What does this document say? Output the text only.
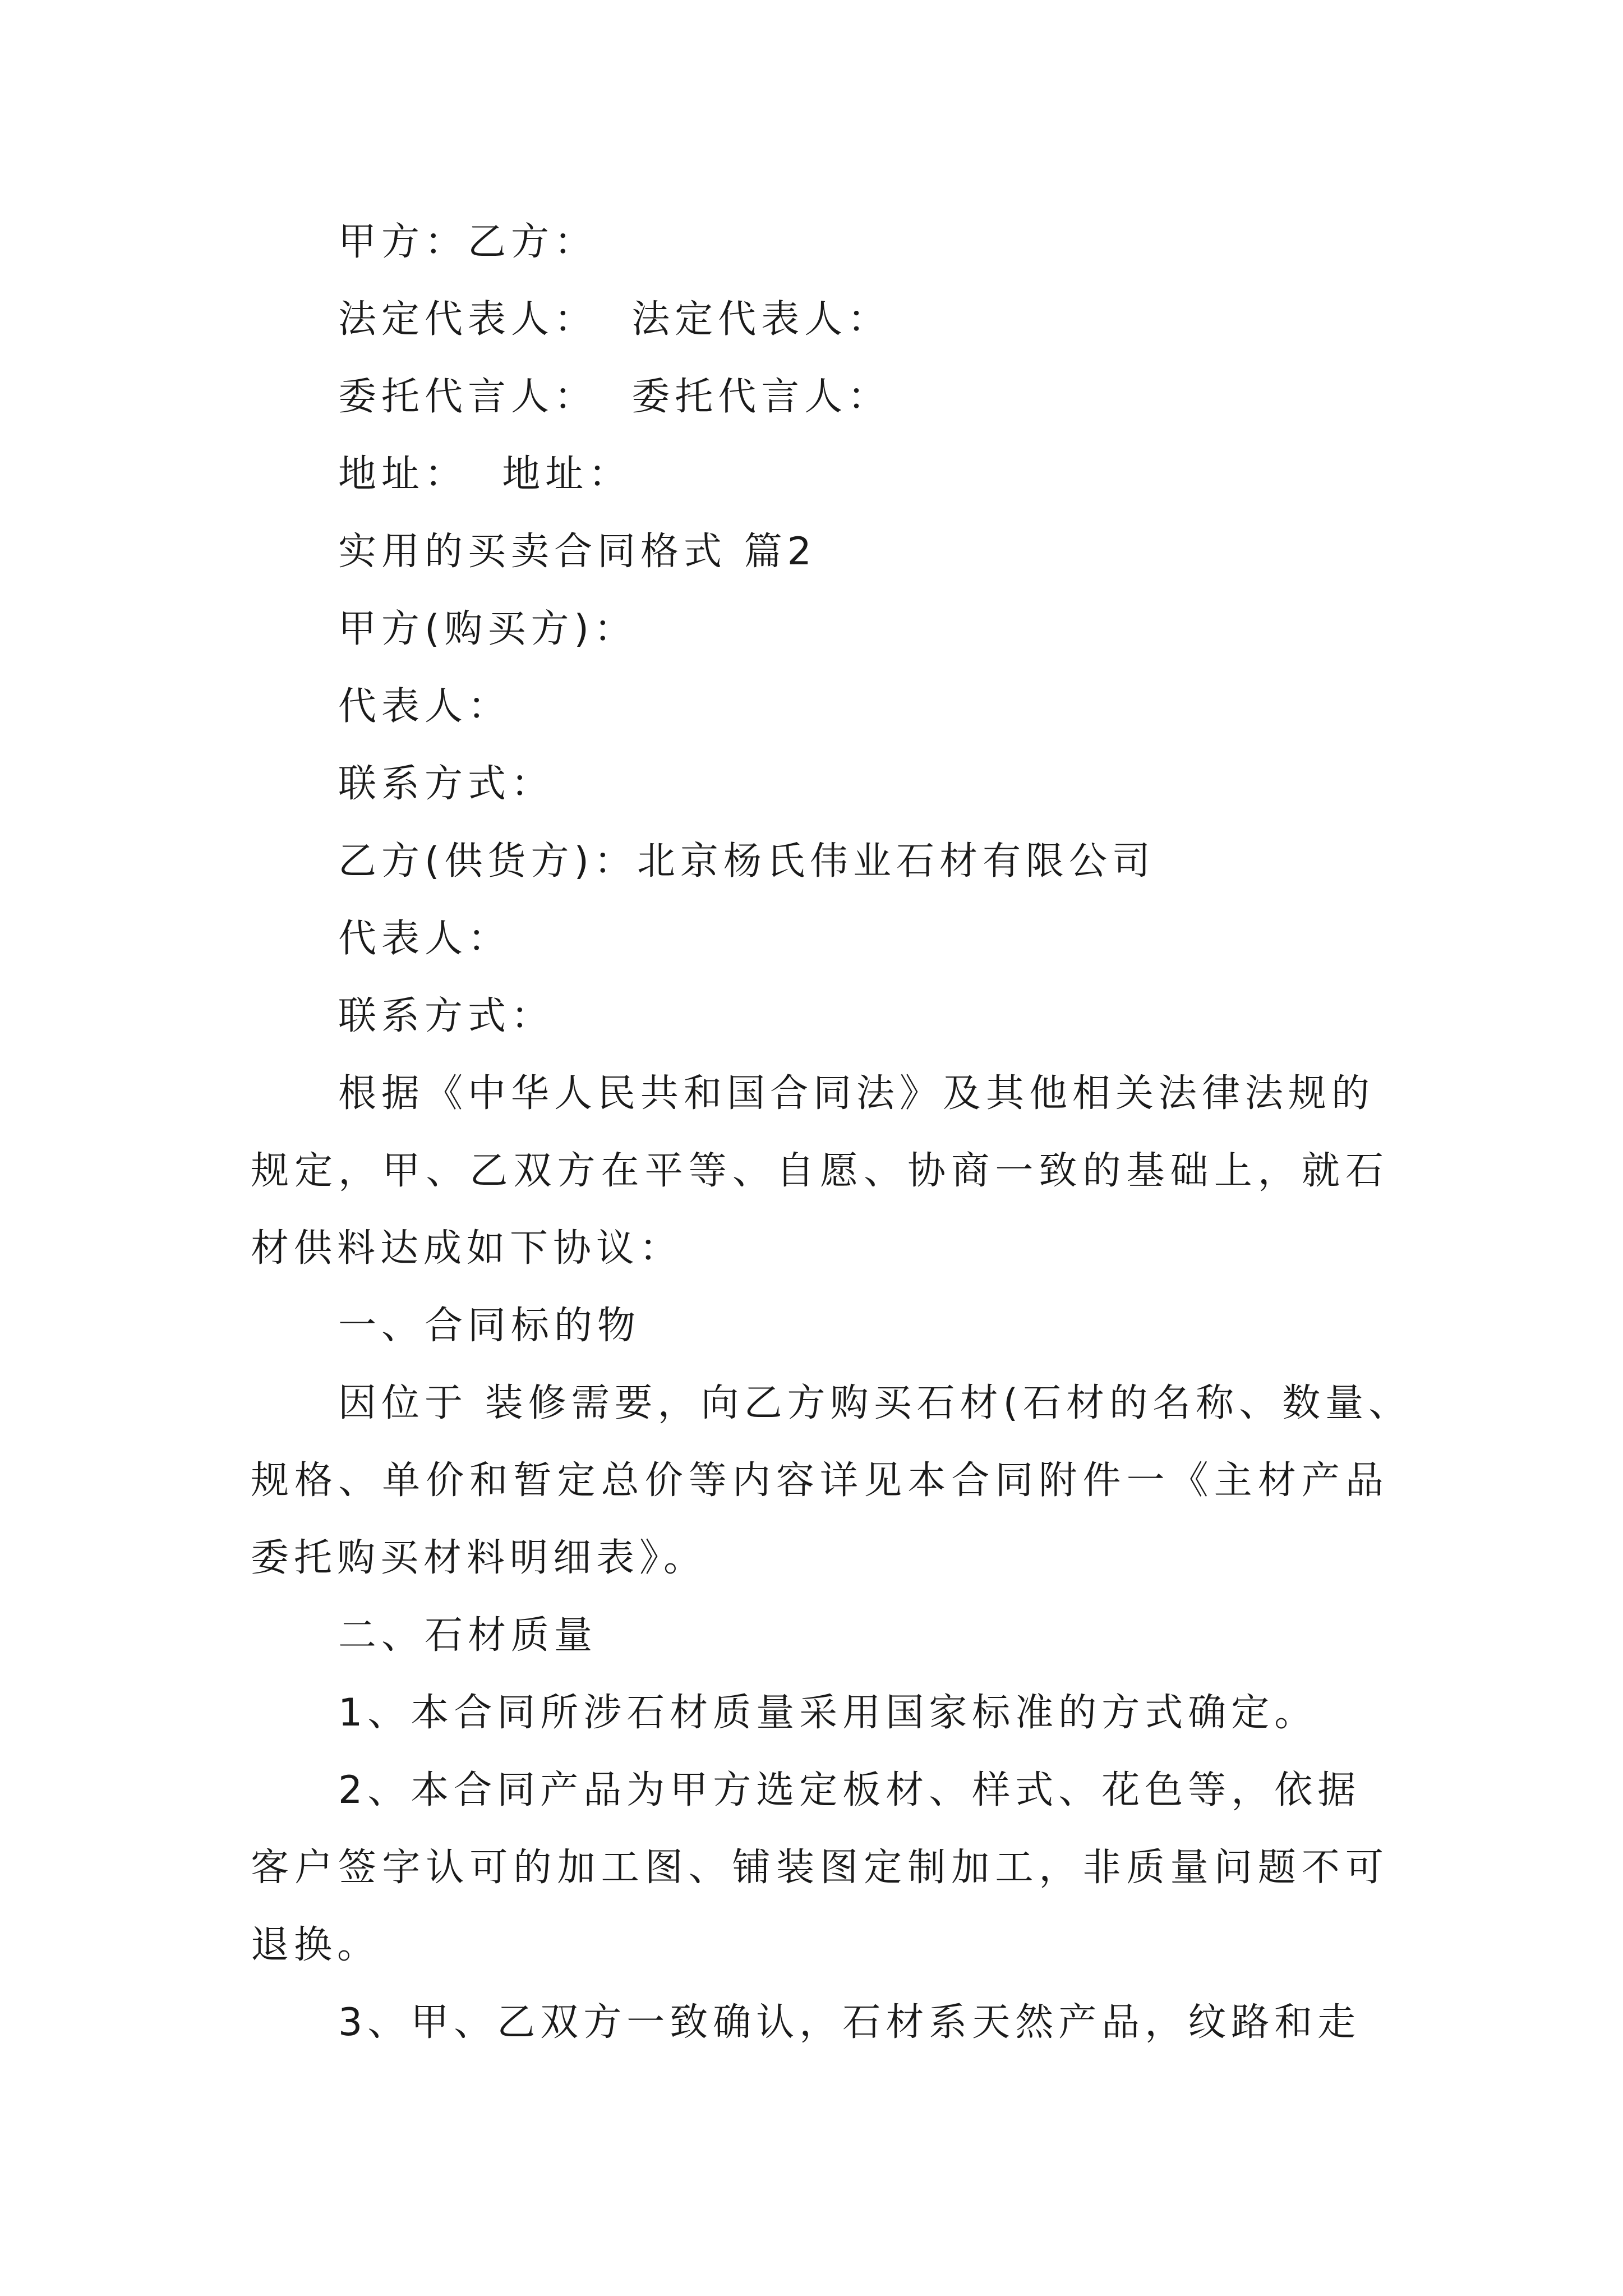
甲方：乙方：
法定代表人：  法定代表人：
委托代言人：  委托代言人：
地址：  地址：
实用的买卖合同格式 篇2
甲方(购买方)：
代表人：
联系方式：
乙方(供货方)：北京杨氏伟业石材有限公司
代表人：
联系方式：
根据《中华人民共和国合同法》及其他相关法律法规的
规定，甲、乙双方在平等、自愿、协商一致的基础上，就石
材供料达成如下协议：
一、合同标的物
因位于 装修需要，向乙方购买石材(石材的名称、数量、
规格、单价和暂定总价等内容详见本合同附件一《主材产品
委托购买材料明细表》。
二、石材质量
1、本合同所涉石材质量采用国家标准的方式确定。
2、本合同产品为甲方选定板材、样式、花色等，依据
客户签字认可的加工图、铺装图定制加工，非质量问题不可
退换。
3、甲、乙双方一致确认，石材系天然产品，纹路和走
